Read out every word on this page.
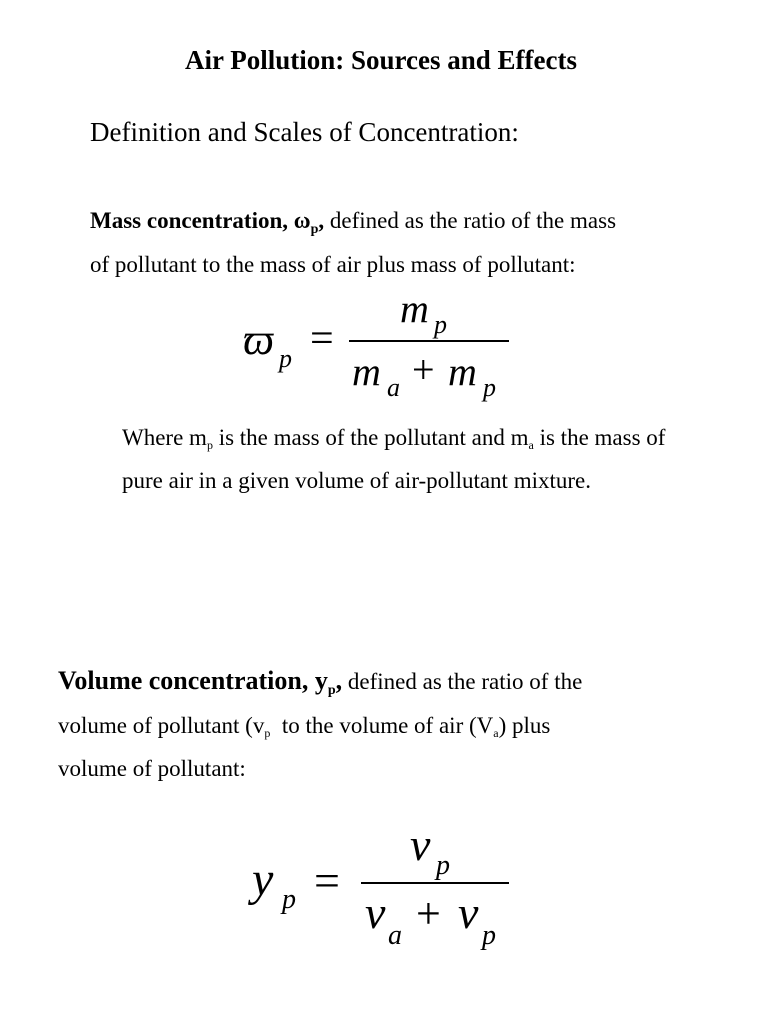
Air Pollution: Sources and Effects
Definition and Scales of Concentration:
Mass concentration, $\omega_p$, defined as the ratio of the mass
of pollutant to the mass of air plus mass of pollutant:
ϖ p =
m p
m a + m p
Where $m_p$ is the mass of the pollutant and $m_a$ is the mass of
pure air in a given volume of air-pollutant mixture.
Volume concentration, $y_p$, defined as the ratio of the
volume of pollutant ($v_p$  to the volume of air $(V_a)$ plus
volume of pollutant:
y p =
v p
v a + v p
